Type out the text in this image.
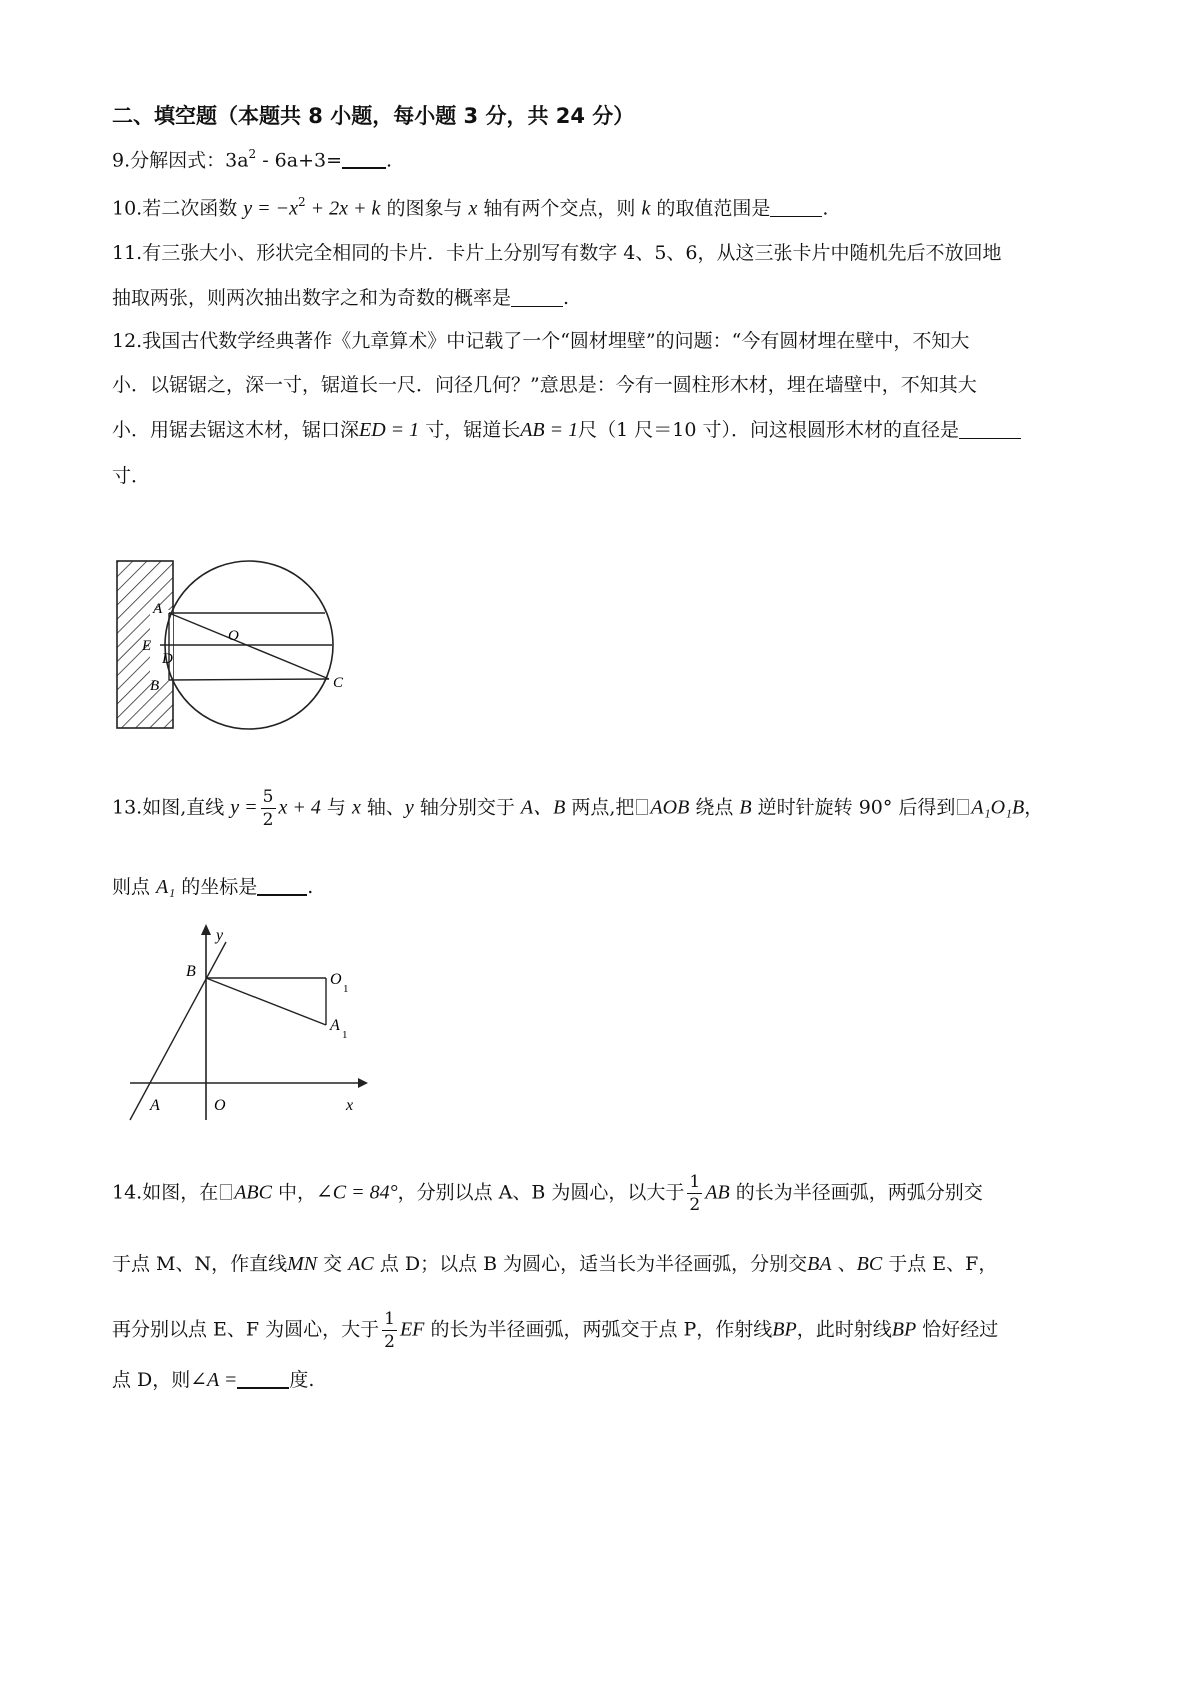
二、填空题（本题共 8 小题，每小题 3 分，共 24 分）
9.分解因式：$3a^2 - 6a+3=$ .
10.若二次函数 $y = -x^2 + 2x + k$ 的图象与 x 轴有两个交点，则 k 的取值范围是	.
11.有三张大小、形状完全相同的卡片．卡片上分别写有数字 4、5、6，从这三张卡片中随机先后不放回地
抽取两张，则两次抽出数字之和为奇数的概率是	.
12.我国古代数学经典著作《九章算术》中记载了一个“圆材埋壁”的问题：“今有圆材埋在壁中，不知大
小．以锯锯之，深一寸，锯道长一尺．问径几何？”意思是：今有一圆柱形木材，埋在墙壁中，不知其大
小．用锯去锯这木材，锯口深ED = 1 寸，锯道长AB = 1尺（1 尺＝10 寸）．问这根圆形木材的直径是
寸．
A
E
D
B
O
C
13.如图,直线 $y = \frac{5}{2}$ x + 4 与 x 轴、y 轴分别交于 A、B 两点,把 AOB 绕点 B 逆时针旋转 90° 后得到 A₁O₁B，
则点 A₁ 的坐标是	.
y
x
B
O
A
O
1
A
1
14.如图，在 ABC 中，∠C = 84°，分别以点 A、B 为圆心，以大于 $\frac{1}{2}$ AB 的长为半径画弧，两弧分别交
于点 M、N，作直线MN 交 AC 点 D；以点 B 为圆心，适当长为半径画弧，分别交BA 、BC 于点 E、F，
再分别以点 E、F 为圆心，大于 $\frac{1}{2}$ EF 的长为半径画弧，两弧交于点 P，作射线BP，此时射线BP 恰好经过
点 D，则∠A =	度.
